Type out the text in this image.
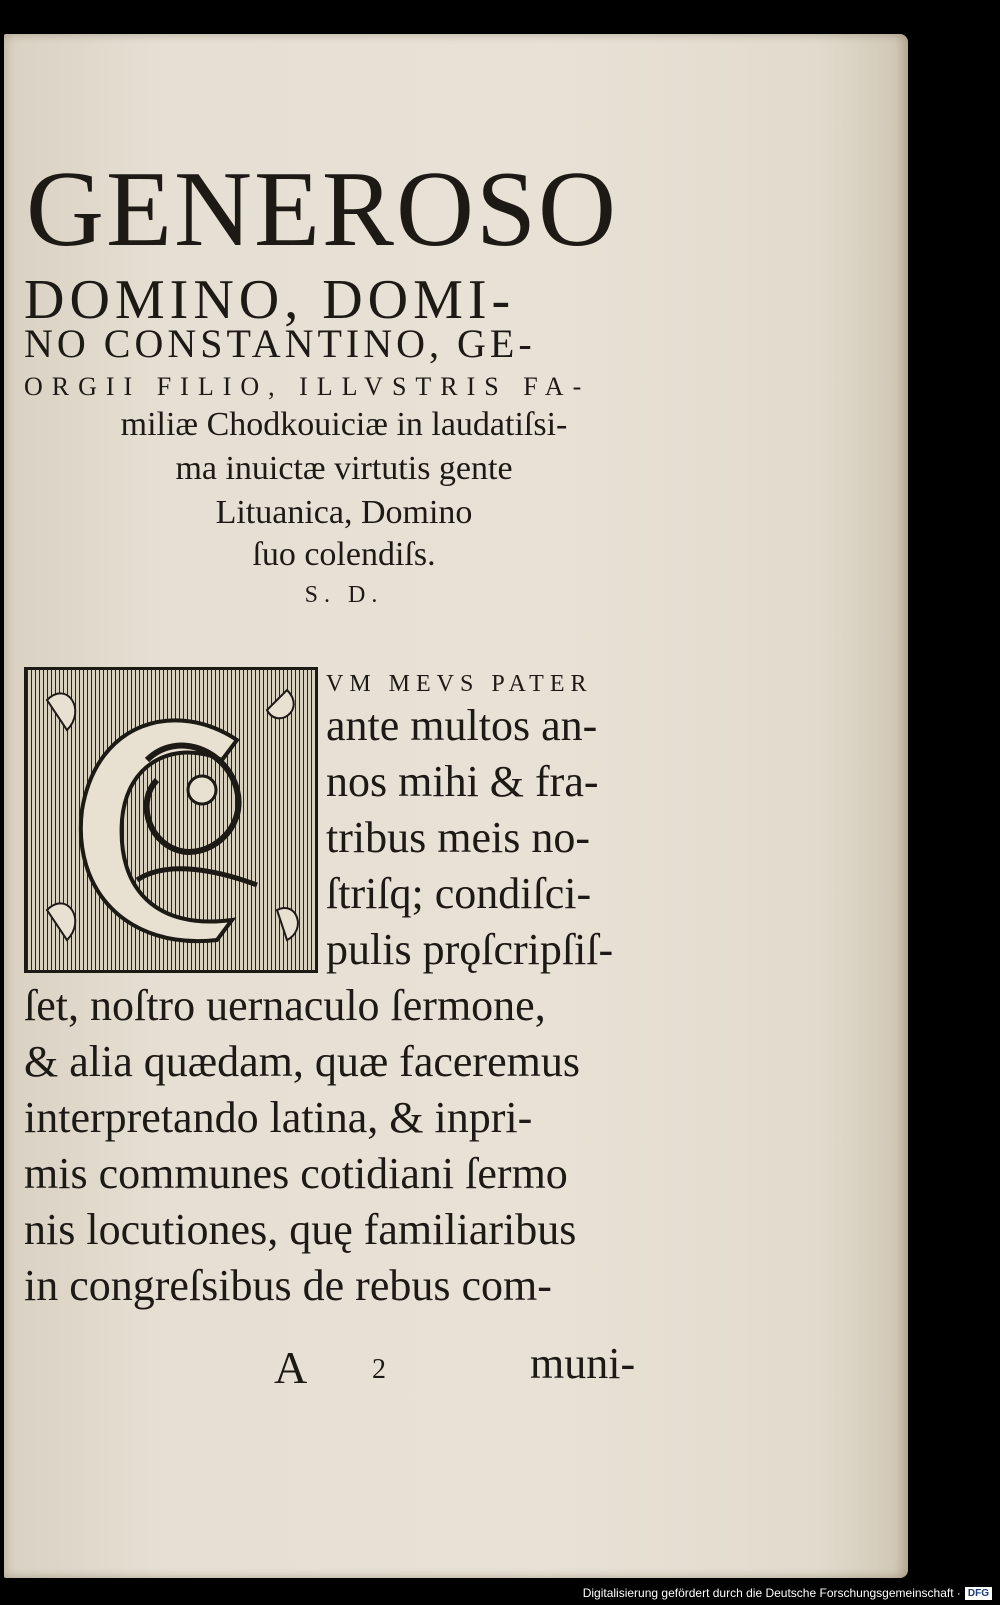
GENEROSO
DOMINO, DOMI-
NO CONSTANTINO, GE-
ORGII FILIO, ILLVSTRIS FA-
miliæ Chodkouiciæ in laudatiſsi-
ma inuictæ virtutis gente
Lituanica, Domino
ſuo colendiſs.
S. D.
VM MEVS PATER
ante multos an-
nos mihi & fra-
tribus meis no-
ſtriſq; condiſci-
pulis prǫſcripſiſ-
ſet, noſtro uernaculo ſermone,
& alia quædam, quæ faceremus
interpretando latina, & inpri-
mis communes cotidiani ſermo
nis locutiones, quę familiaribus
in congreſsibus de rebus com-
A 2	muni-
Digitalisierung gefördert durch die Deutsche Forschungsgemeinschaft · DFG
